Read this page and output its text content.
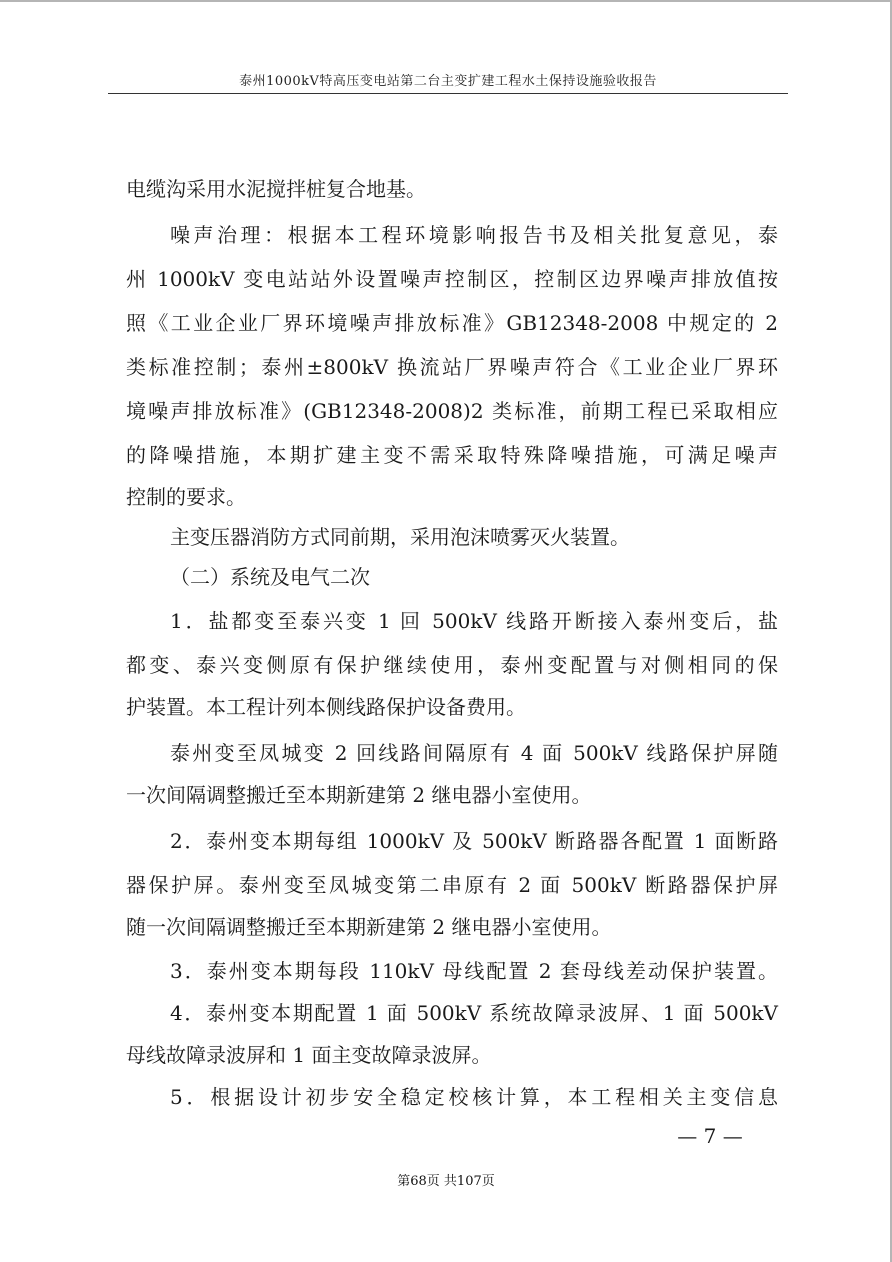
泰州1000kV特高压变电站第二台主变扩建工程水土保持设施验收报告
电缆沟采用水泥搅拌桩复合地基。
噪声治理：根据本工程环境影响报告书及相关批复意见，泰
州 1000kV 变电站站外设置噪声控制区，控制区边界噪声排放值按
照《工业企业厂界环境噪声排放标准》GB12348-2008 中规定的 2
类标准控制；泰州±800kV 换流站厂界噪声符合《工业企业厂界环
境噪声排放标准》(GB12348-2008)2 类标准，前期工程已采取相应
的降噪措施，本期扩建主变不需采取特殊降噪措施，可满足噪声
控制的要求。
主变压器消防方式同前期，采用泡沫喷雾灭火装置。
（二）系统及电气二次
1．盐都变至泰兴变 1 回 500kV 线路开断接入泰州变后，盐
都变、泰兴变侧原有保护继续使用，泰州变配置与对侧相同的保
护装置。本工程计列本侧线路保护设备费用。
泰州变至凤城变 2 回线路间隔原有 4 面 500kV 线路保护屏随
一次间隔调整搬迁至本期新建第 2 继电器小室使用。
2．泰州变本期每组 1000kV 及 500kV 断路器各配置 1 面断路
器保护屏。泰州变至凤城变第二串原有 2 面 500kV 断路器保护屏
随一次间隔调整搬迁至本期新建第 2 继电器小室使用。
3．泰州变本期每段 110kV 母线配置 2 套母线差动保护装置。
4．泰州变本期配置 1 面 500kV 系统故障录波屏、1 面 500kV
母线故障录波屏和 1 面主变故障录波屏。
5．根据设计初步安全稳定校核计算，本工程相关主变信息
— 7 —
第68页 共107页
